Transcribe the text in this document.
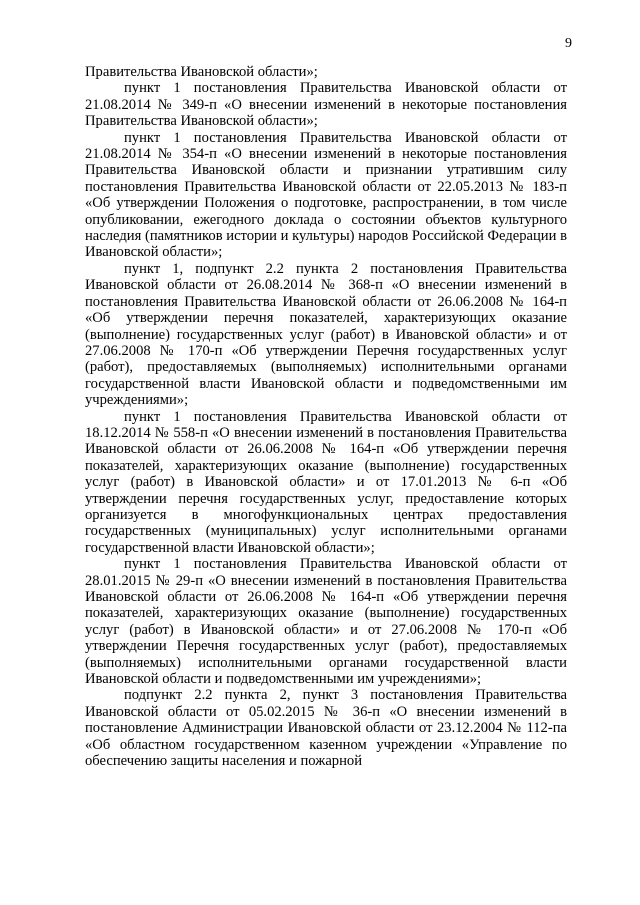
9

Правительства Ивановской области»;

пункт 1 постановления Правительства Ивановской области от 21.08.2014 № 349-п «О внесении изменений в некоторые постановления Правительства Ивановской области»;

пункт 1 постановления Правительства Ивановской области от 21.08.2014 № 354-п «О внесении изменений в некоторые постановления Правительства Ивановской области и признании утратившим силу постановления Правительства Ивановской области от 22.05.2013 № 183-п «Об утверждении Положения о подготовке, распространении, в том числе опубликовании, ежегодного доклада о состоянии объектов культурного наследия (памятников истории и культуры) народов Российской Федерации в Ивановской области»;

пункт 1, подпункт 2.2 пункта 2 постановления Правительства Ивановской области от 26.08.2014 № 368-п «О внесении изменений в постановления Правительства Ивановской области от 26.06.2008 № 164-п «Об утверждении перечня показателей, характеризующих оказание (выполнение) государственных услуг (работ) в Ивановской области» и от 27.06.2008 № 170-п «Об утверждении Перечня государственных услуг (работ), предоставляемых (выполняемых) исполнительными органами государственной власти Ивановской области и подведомственными им учреждениями»;

пункт 1 постановления Правительства Ивановской области от 18.12.2014 № 558-п «О внесении изменений в постановления Правительства Ивановской области от 26.06.2008 № 164-п «Об утверждении перечня показателей, характеризующих оказание (выполнение) государственных услуг (работ) в Ивановской области» и от 17.01.2013 № 6-п «Об утверждении перечня государственных услуг, предоставление которых организуется в многофункциональных центрах предоставления государственных (муниципальных) услуг исполнительными органами государственной власти Ивановской области»;

пункт 1 постановления Правительства Ивановской области от 28.01.2015 № 29-п «О внесении изменений в постановления Правительства Ивановской области от 26.06.2008 № 164-п «Об утверждении перечня показателей, характеризующих оказание (выполнение) государственных услуг (работ) в Ивановской области» и от 27.06.2008 № 170-п «Об утверждении Перечня государственных услуг (работ), предоставляемых (выполняемых) исполнительными органами государственной власти Ивановской области и подведомственными им учреждениями»;

подпункт 2.2 пункта 2, пункт 3 постановления Правительства Ивановской области от 05.02.2015 № 36-п «О внесении изменений в постановление Администрации Ивановской области от 23.12.2004 № 112-па «Об областном государственном казенном учреждении «Управление по обеспечению защиты населения и пожарной
